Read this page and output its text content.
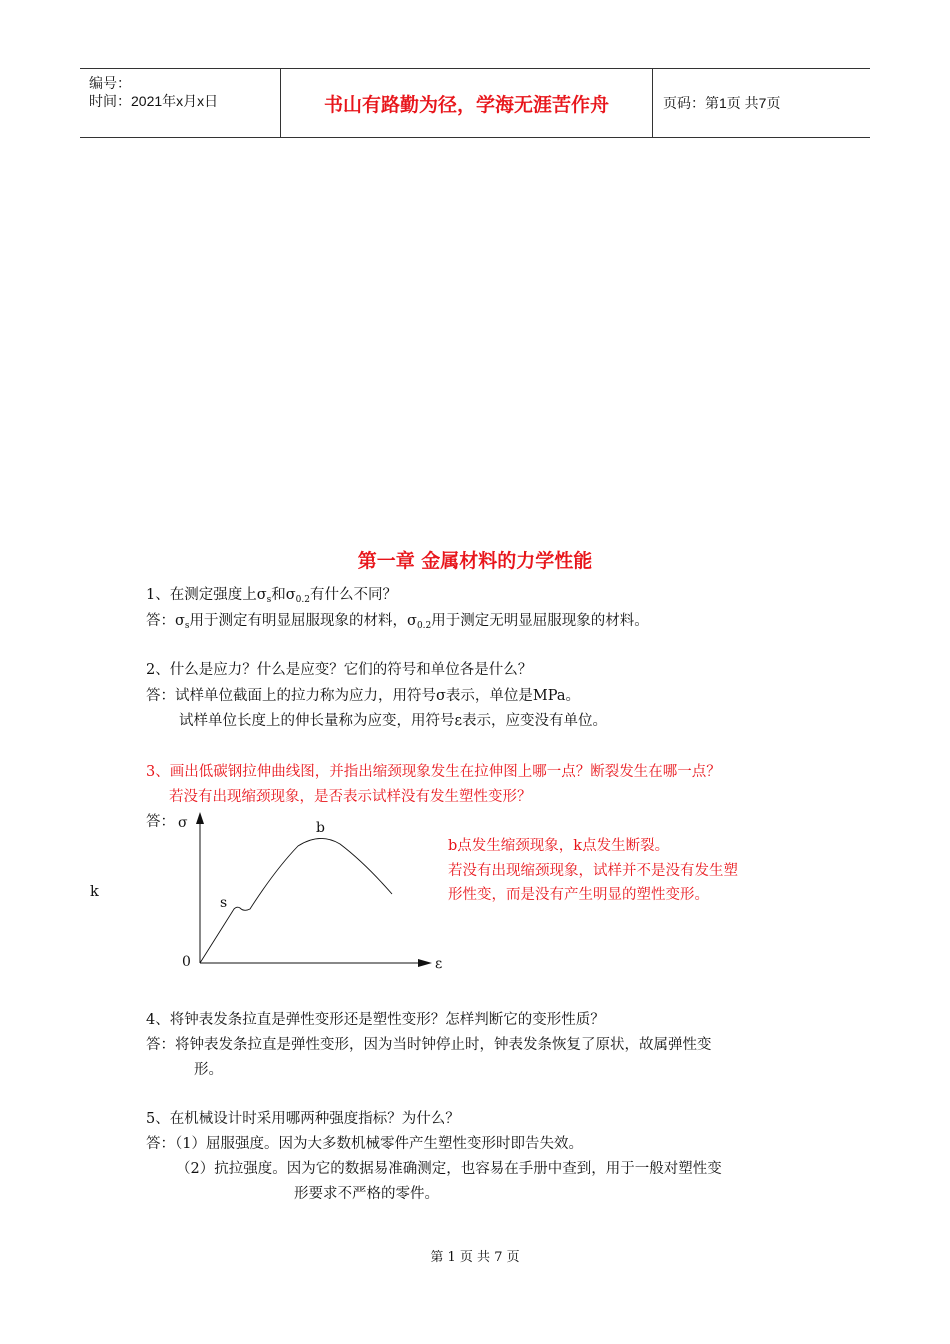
编号：
时间：2021年x月x日	书山有路勤为径，学海无涯苦作舟	页码：第1页 共7页
第一章 金属材料的力学性能
1、在测定强度上$\sigma_s$和$\sigma_{0.2}$有什么不同？
答：$\sigma_s$用于测定有明显屈服现象的材料，$\sigma_{0.2}$用于测定无明显屈服现象的材料。
2、什么是应力？什么是应变？它们的符号和单位各是什么？
答：试样单位截面上的拉力称为应力，用符号σ表示，单位是MPa。
试样单位长度上的伸长量称为应变，用符号ε表示，应变没有单位。
3、画出低碳钢拉伸曲线图，并指出缩颈现象发生在拉伸图上哪一点？断裂发生在哪一点？
若没有出现缩颈现象，是否表示试样没有发生塑性变形？
答：
k
b点发生缩颈现象，k点发生断裂。
若没有出现缩颈现象，试样并不是没有发生塑
形性变，而是没有产生明显的塑性变形。
σ
ε
0
s
b
4、将钟表发条拉直是弹性变形还是塑性变形？怎样判断它的变形性质？
答：将钟表发条拉直是弹性变形，因为当时钟停止时，钟表发条恢复了原状，故属弹性变
形。
5、在机械设计时采用哪两种强度指标？为什么？
答：（1）屈服强度。因为大多数机械零件产生塑性变形时即告失效。
（2）抗拉强度。因为它的数据易准确测定，也容易在手册中查到，用于一般对塑性变
形要求不严格的零件。
第 1 页 共 7 页
